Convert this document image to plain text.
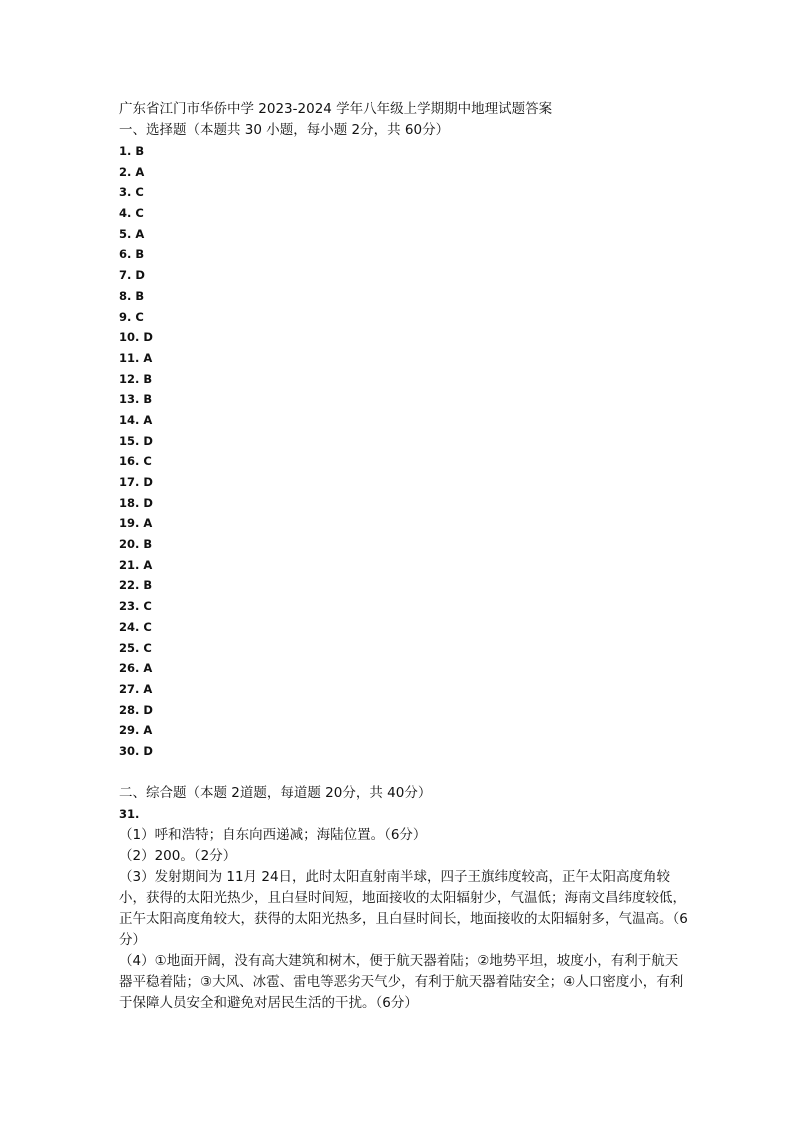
广东省江门市华侨中学 2023-2024 学年八年级上学期期中地理试题答案
一、选择题（本题共 30 小题，每小题 2分，共 60分）
1. B
2. A
3. C
4. C
5. A
6. B
7. D
8. B
9. C
10. D
11. A
12. B
13. B
14. A
15. D
16. C
17. D
18. D
19. A
20. B
21. A
22. B
23. C
24. C
25. C
26. A
27. A
28. D
29. A
30. D
二、综合题（本题 2道题，每道题 20分，共 40分）
31.

（1）呼和浩特；自东向西递减；海陆位置。（6分）

（2）200。（2分）

（3）发射期间为 11月 24日，此时太阳直射南半球，四子王旗纬度较高，正午太阳高度角较小，获得的太阳光热少，且白昼时间短，地面接收的太阳辐射少，气温低；海南文昌纬度较低，正午太阳高度角较大，获得的太阳光热多，且白昼时间长，地面接收的太阳辐射多，气温高。（6分）

（4）①地面开阔，没有高大建筑和树木，便于航天器着陆；②地势平坦，坡度小，有利于航天器平稳着陆；③大风、冰雹、雷电等恶劣天气少，有利于航天器着陆安全；④人口密度小，有利于保障人员安全和避免对居民生活的干扰。（6分）
